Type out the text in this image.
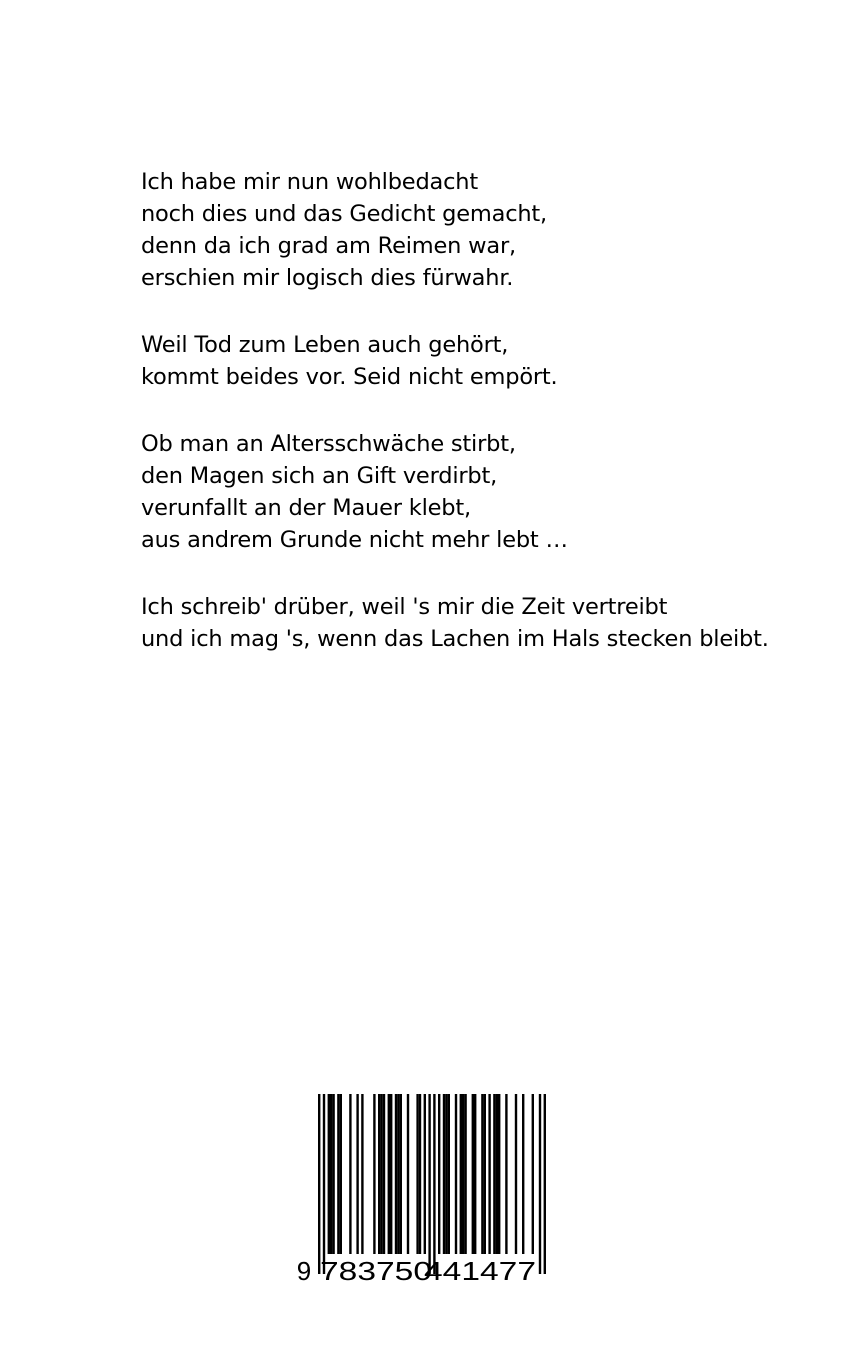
Ich habe mir nun wohlbedacht
noch dies und das Gedicht gemacht,
denn da ich grad am Reimen war,
erschien mir logisch dies fürwahr.
Weil Tod zum Leben auch gehört,
kommt beides vor. Seid nicht empört.
Ob man an Altersschwäche stirbt,
den Magen sich an Gift verdirbt,
verunfallt an der Mauer klebt,
aus andrem Grunde nicht mehr lebt …
Ich schreib' drüber, weil 's mir die Zeit vertreibt
und ich mag 's, wenn das Lachen im Hals stecken bleibt.
9 783750
441477
